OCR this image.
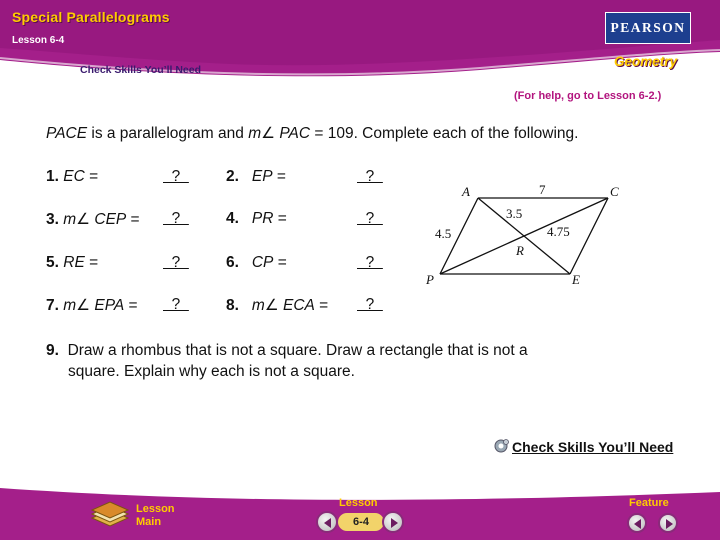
Special Parallelograms
Lesson 6-4
Check Skills You’ll Need
PEARSON
Geometry
(For help, go to Lesson 6-2.)
PACE is a parallelogram and m∠ PAC = 109. Complete each of the following.
1. EC =	? 2. EP =	?
3. m∠ CEP = ? 4. PR =	?
5. RE =	? 6. CP =	?
7. m∠ EPA = ? 8. m∠ ECA = ?
9. Draw a rhombus that is not a square. Draw a rectangle that is not a
square. Explain why each is not a square.
A	C
P	E
R
7
4.5
3.5
4.75
Check Skills You’ll Need
Lesson
Main
Lesson
6-4
Feature
